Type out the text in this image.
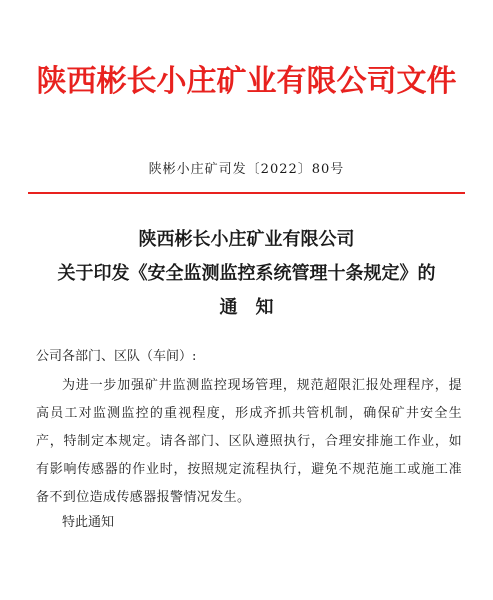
陕西彬长小庄矿业有限公司文件
陕彬小庄矿司发〔2022〕80号
陕西彬长小庄矿业有限公司
关于印发《安全监测监控系统管理十条规定》的
通知
公司各部门、区队（车间）:
为进一步加强矿井监测监控现场管理，规范超限汇报处理程序，提高员工对监测监控的重视程度，形成齐抓共管机制，确保矿井安全生产，特制定本规定。请各部门、区队遵照执行，合理安排施工作业，如有影响传感器的作业时，按照规定流程执行，避免不规范施工或施工准备不到位造成传感器报警情况发生。
特此通知
